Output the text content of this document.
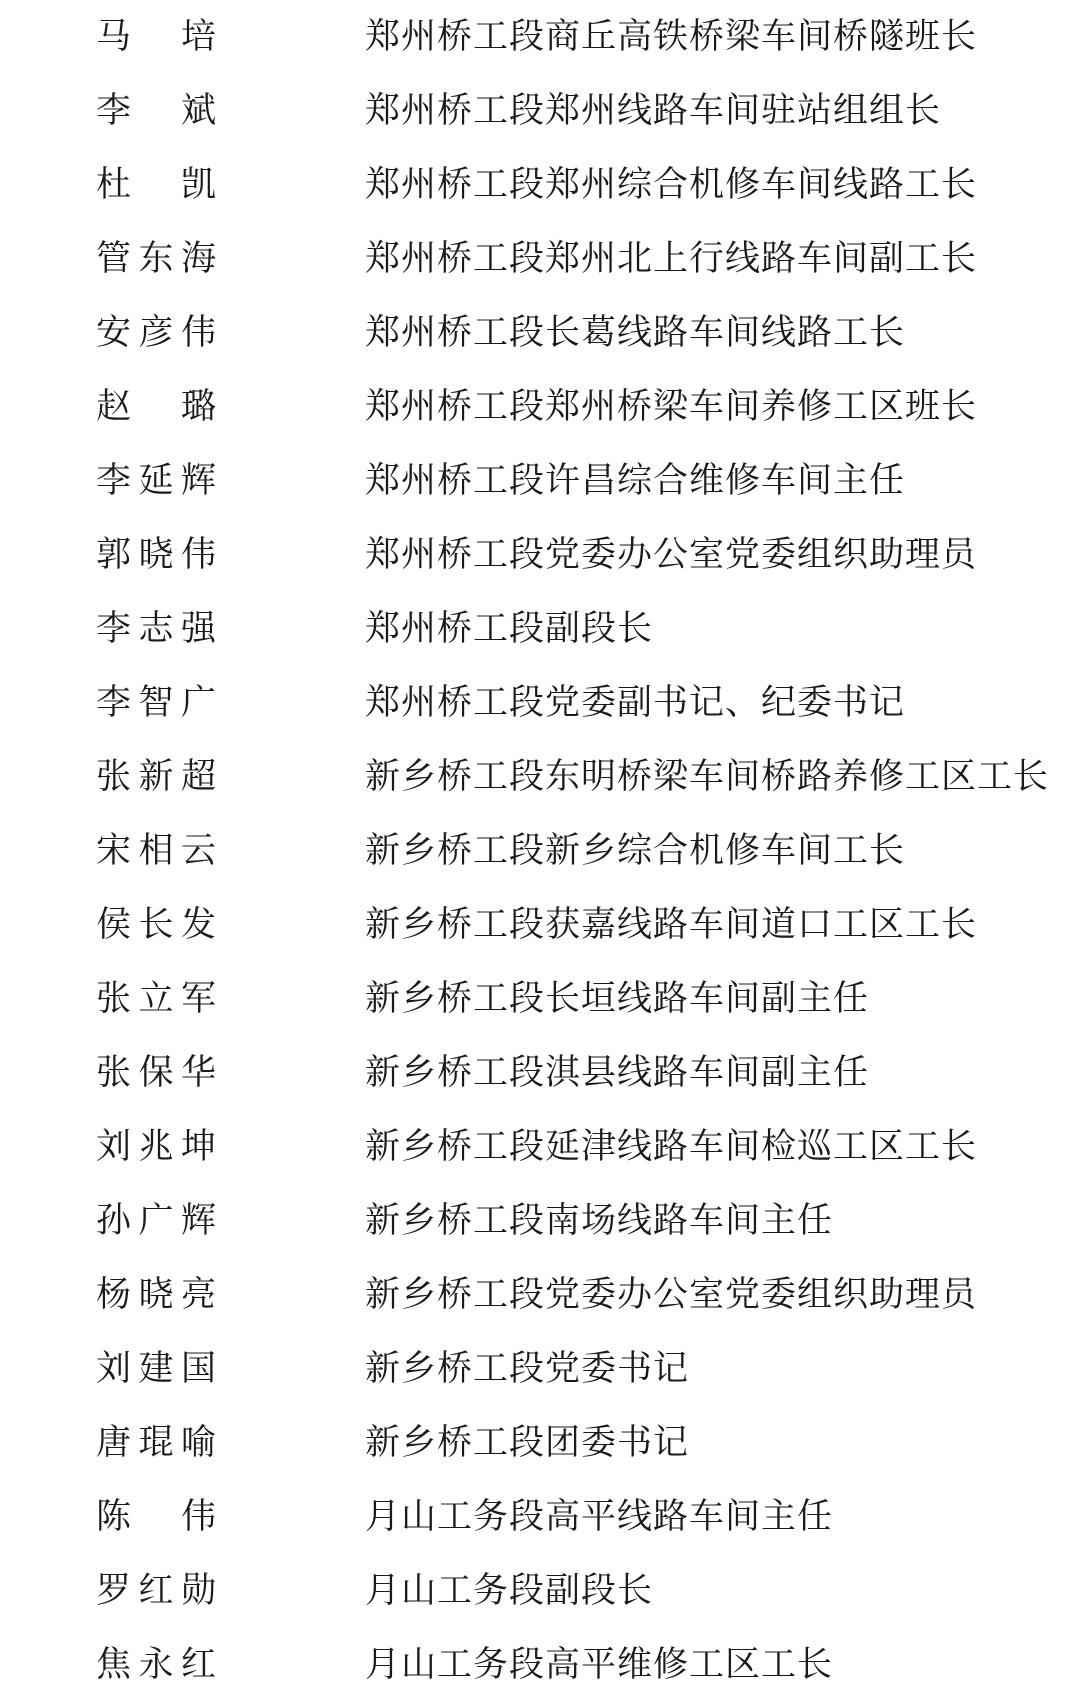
马 培	郑州桥工段商丘高铁桥梁车间桥隧班长
李 斌	郑州桥工段郑州线路车间驻站组组长
杜 凯	郑州桥工段郑州综合机修车间线路工长
管东海	郑州桥工段郑州北上行线路车间副工长
安彦伟	郑州桥工段长葛线路车间线路工长
赵 璐	郑州桥工段郑州桥梁车间养修工区班长
李延辉	郑州桥工段许昌综合维修车间主任
郭晓伟	郑州桥工段党委办公室党委组织助理员
李志强	郑州桥工段副段长
李智广	郑州桥工段党委副书记、纪委书记
张新超	新乡桥工段东明桥梁车间桥路养修工区工长
宋相云	新乡桥工段新乡综合机修车间工长
侯长发	新乡桥工段获嘉线路车间道口工区工长
张立军	新乡桥工段长垣线路车间副主任
张保华	新乡桥工段淇县线路车间副主任
刘兆坤	新乡桥工段延津线路车间检巡工区工长
孙广辉	新乡桥工段南场线路车间主任
杨晓亮	新乡桥工段党委办公室党委组织助理员
刘建国	新乡桥工段党委书记
唐琨喻	新乡桥工段团委书记
陈 伟	月山工务段高平线路车间主任
罗红勋	月山工务段副段长
焦永红	月山工务段高平维修工区工长
